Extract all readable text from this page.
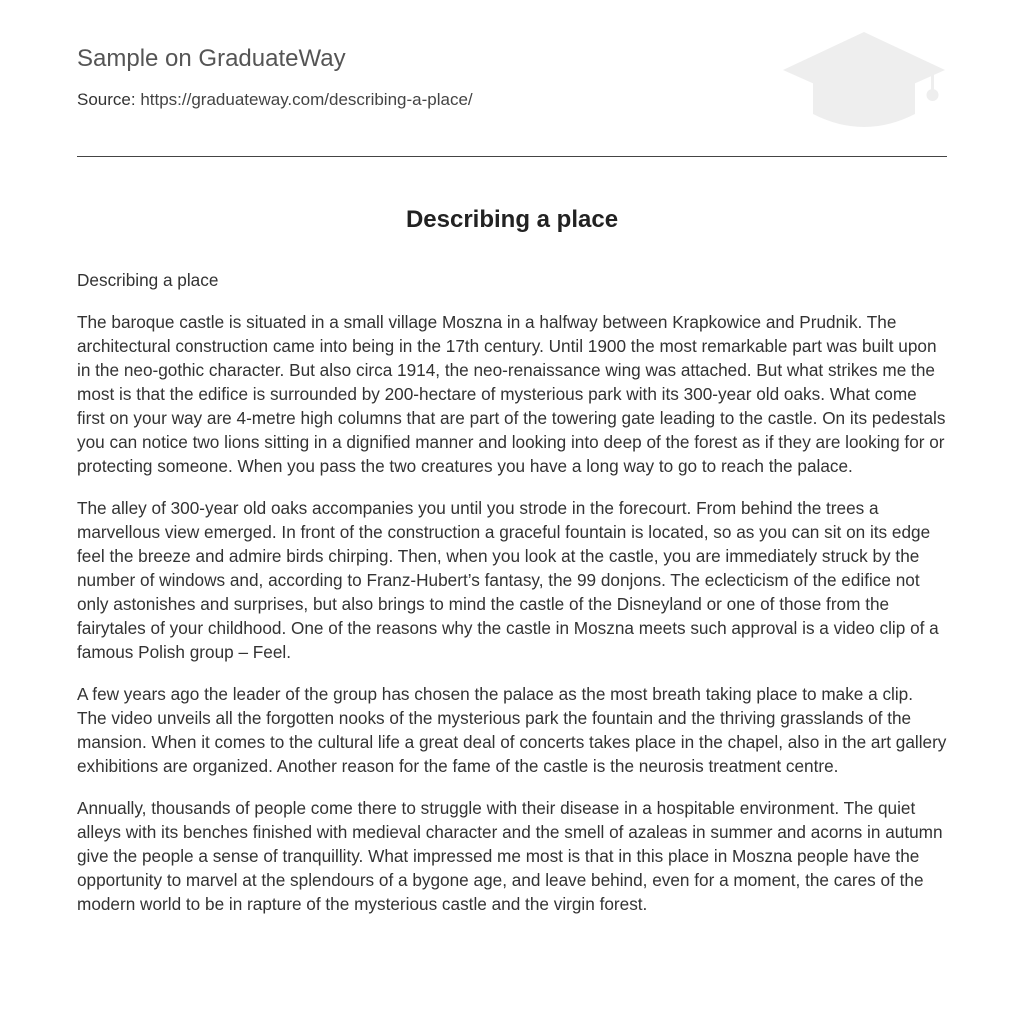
Sample on GraduateWay
Source: https://graduateway.com/describing-a-place/
Describing a place

Describing a place

The baroque castle is situated in a small village Moszna in a halfway between Krapkowice and Prudnik. The architectural construction came into being in the 17th century. Until 1900 the most remarkable part was built upon in the neo-gothic character. But also circa 1914, the neo-renaissance wing was attached. But what strikes me the most is that the edifice is surrounded by 200-hectare of mysterious park with its 300-year old oaks. What come first on your way are 4-metre high columns that are part of the towering gate leading to the castle. On its pedestals you can notice two lions sitting in a dignified manner and looking into deep of the forest as if they are looking for or protecting someone. When you pass the two creatures you have a long way to go to reach the palace.

The alley of 300-year old oaks accompanies you until you strode in the forecourt. From behind the trees a marvellous view emerged. In front of the construction a graceful fountain is located, so as you can sit on its edge feel the breeze and admire birds chirping. Then, when you look at the castle, you are immediately struck by the number of windows and, according to Franz-Hubert’s fantasy, the 99 donjons. The eclecticism of the edifice not only astonishes and surprises, but also brings to mind the castle of the Disneyland or one of those from the fairytales of your childhood. One of the reasons why the castle in Moszna meets such approval is a video clip of a famous Polish group – Feel.

A few years ago the leader of the group has chosen the palace as the most breath taking place to make a clip. The video unveils all the forgotten nooks of the mysterious park the fountain and the thriving grasslands of the mansion. When it comes to the cultural life a great deal of concerts takes place in the chapel, also in the art gallery exhibitions are organized. Another reason for the fame of the castle is the neurosis treatment centre.

Annually, thousands of people come there to struggle with their disease in a hospitable environment. The quiet alleys with its benches finished with medieval character and the smell of azaleas in summer and acorns in autumn give the people a sense of tranquillity. What impressed me most is that in this place in Moszna people have the opportunity to marvel at the splendours of a bygone age, and leave behind, even for a moment, the cares of the modern world to be in rapture of the mysterious castle and the virgin forest.
